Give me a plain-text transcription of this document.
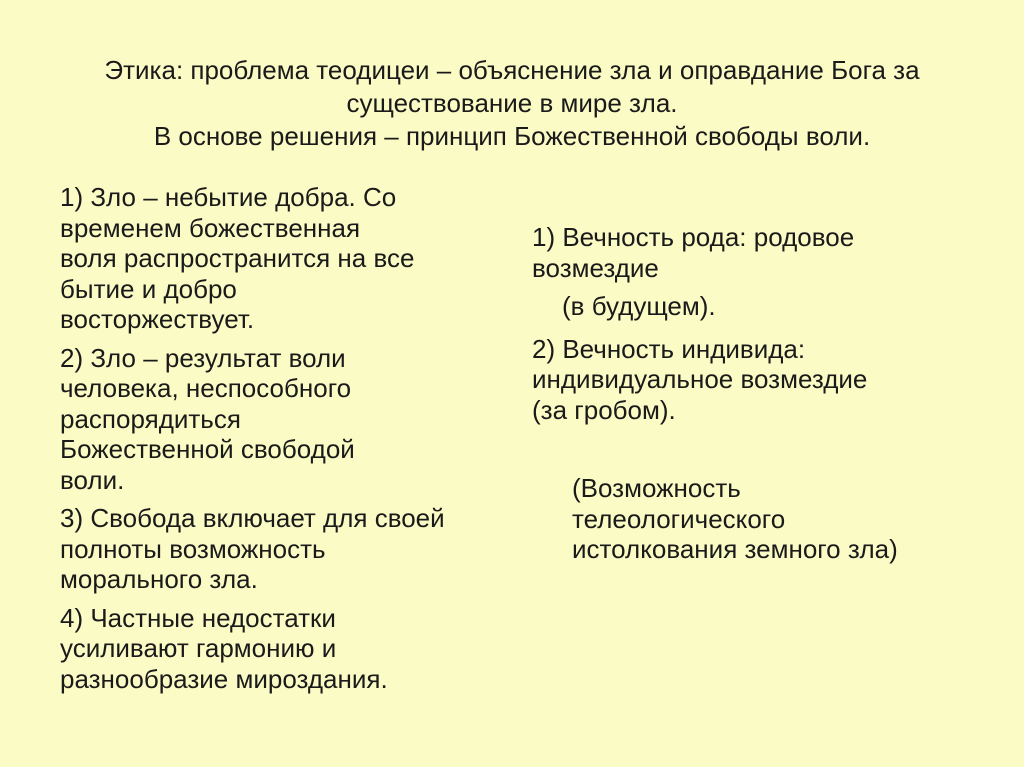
Этика: проблема теодицеи – объяснение зла и оправдание Бога за
существование в мире зла.
В основе решения – принцип Божественной свободы воли.
1) Зло – небытие добра. Со
временем божественная
воля распространится на все
бытие и добро
восторжествует.
2) Зло – результат воли
человека, неспособного
распорядиться
Божественной свободой
воли.
3) Свобода включает для своей
полноты возможность
морального зла.
4) Частные недостатки
усиливают гармонию и
разнообразие мироздания.
1) Вечность рода: родовое
возмездие
(в будущем).
2) Вечность индивида:
индивидуальное возмездие
(за гробом).
(Возможность
телеологического
истолкования земного зла)
